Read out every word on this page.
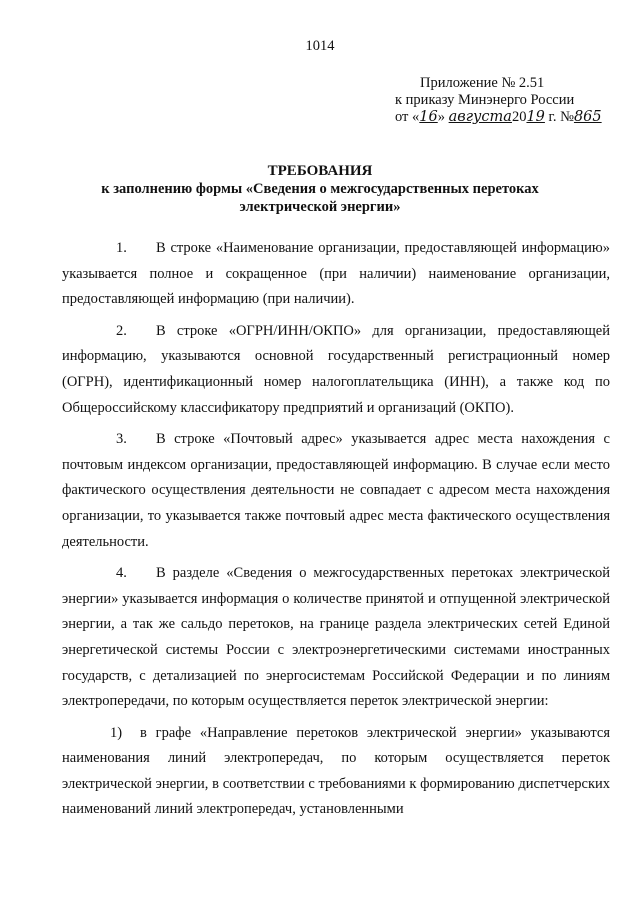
1014
Приложение № 2.51
к приказу Минэнерго России
от «16» августа2019 г. №865
ТРЕБОВАНИЯ
к заполнению формы «Сведения о межгосударственных перетоках
электрической энергии»

1. В строке «Наименование организации, предоставляющей информацию» указывается полное и сокращенное (при наличии) наименование организации, предоставляющей информацию (при наличии).

2. В строке «ОГРН/ИНН/ОКПО» для организации, предоставляющей информацию, указываются основной государственный регистрационный номер (ОГРН), идентификационный номер налогоплательщика (ИНН), а также код по Общероссийскому классификатору предприятий и организаций (ОКПО).

3. В строке «Почтовый адрес» указывается адрес места нахождения с почтовым индексом организации, предоставляющей информацию. В случае если место фактического осуществления деятельности не совпадает с адресом места нахождения организации, то указывается также почтовый адрес места фактического осуществления деятельности.

4. В разделе «Сведения о межгосударственных перетоках электрической энергии» указывается информация о количестве принятой и отпущенной электрической энергии, а так же сальдо перетоков, на границе раздела электрических сетей Единой энергетической системы России с электроэнергетическими системами иностранных государств, с детализацией по энергосистемам Российской Федерации и по линиям электропередачи, по которым осуществляется переток электрической энергии:

1) в графе «Направление перетоков электрической энергии» указываются наименования линий электропередач, по которым осуществляется переток электрической энергии, в соответствии с требованиями к формированию диспетчерских наименований линий электропередач, установленными
